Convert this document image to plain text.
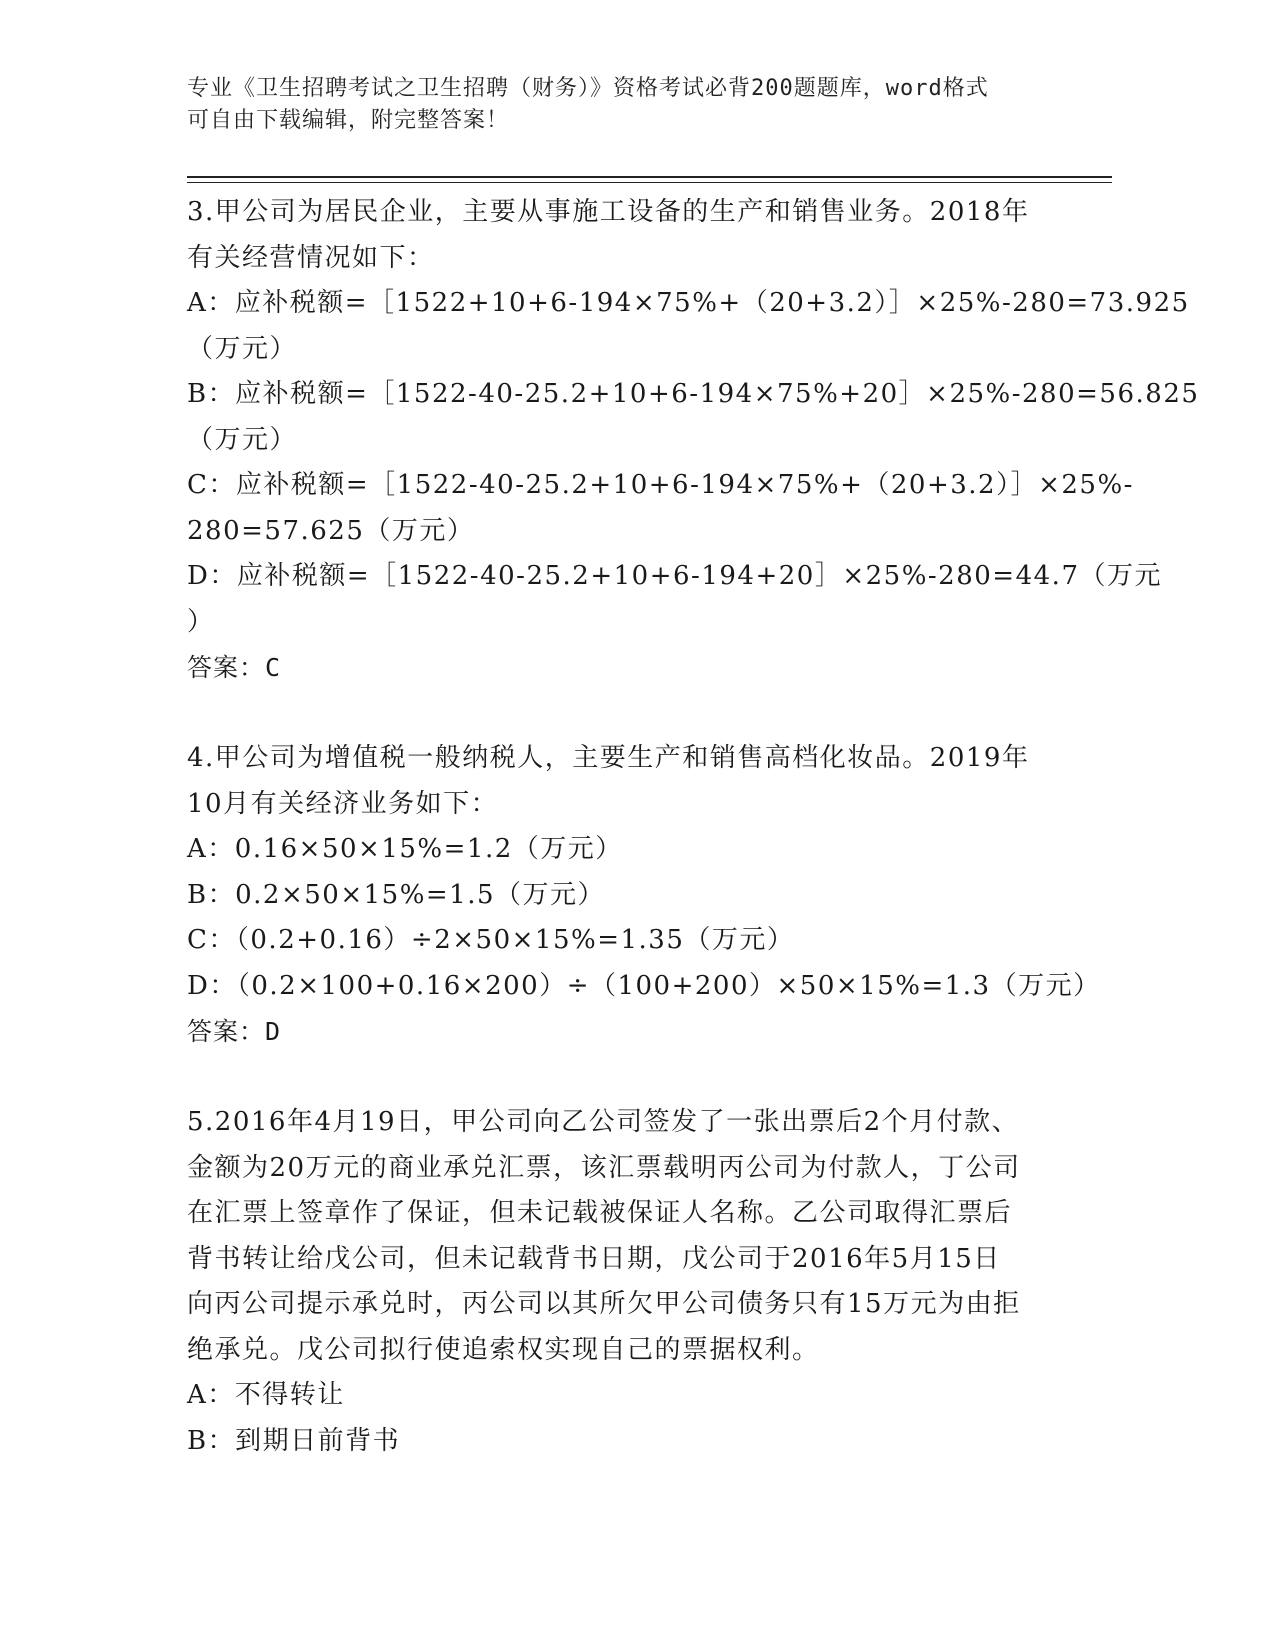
专业《卫生招聘考试之卫生招聘（财务）》资格考试必背200题题库，word格式
可自由下载编辑，附完整答案！
3.甲公司为居民企业，主要从事施工设备的生产和销售业务。2018年
有关经营情况如下：
A：应补税额=［1522+10+6-194×75%+（20+3.2）］×25%-280=73.925
（万元）
B：应补税额=［1522-40-25.2+10+6-194×75%+20］×25%-280=56.825
（万元）
C：应补税额=［1522-40-25.2+10+6-194×75%+（20+3.2）］×25%-
280=57.625（万元）
D：应补税额=［1522-40-25.2+10+6-194+20］×25%-280=44.7（万元
）
答案：C
4.甲公司为增值税一般纳税人，主要生产和销售高档化妆品。2019年
10月有关经济业务如下：
A：0.16×50×15%=1.2（万元）
B：0.2×50×15%=1.5（万元）
C：（0.2+0.16）÷2×50×15%=1.35（万元）
D：（0.2×100+0.16×200）÷（100+200）×50×15%=1.3（万元）
答案：D
5.2016年4月19日，甲公司向乙公司签发了一张出票后2个月付款、
金额为20万元的商业承兑汇票，该汇票载明丙公司为付款人，丁公司
在汇票上签章作了保证，但未记载被保证人名称。乙公司取得汇票后
背书转让给戊公司，但未记载背书日期，戊公司于2016年5月15日
向丙公司提示承兑时，丙公司以其所欠甲公司债务只有15万元为由拒
绝承兑。戊公司拟行使追索权实现自己的票据权利。
A：不得转让
B：到期日前背书
